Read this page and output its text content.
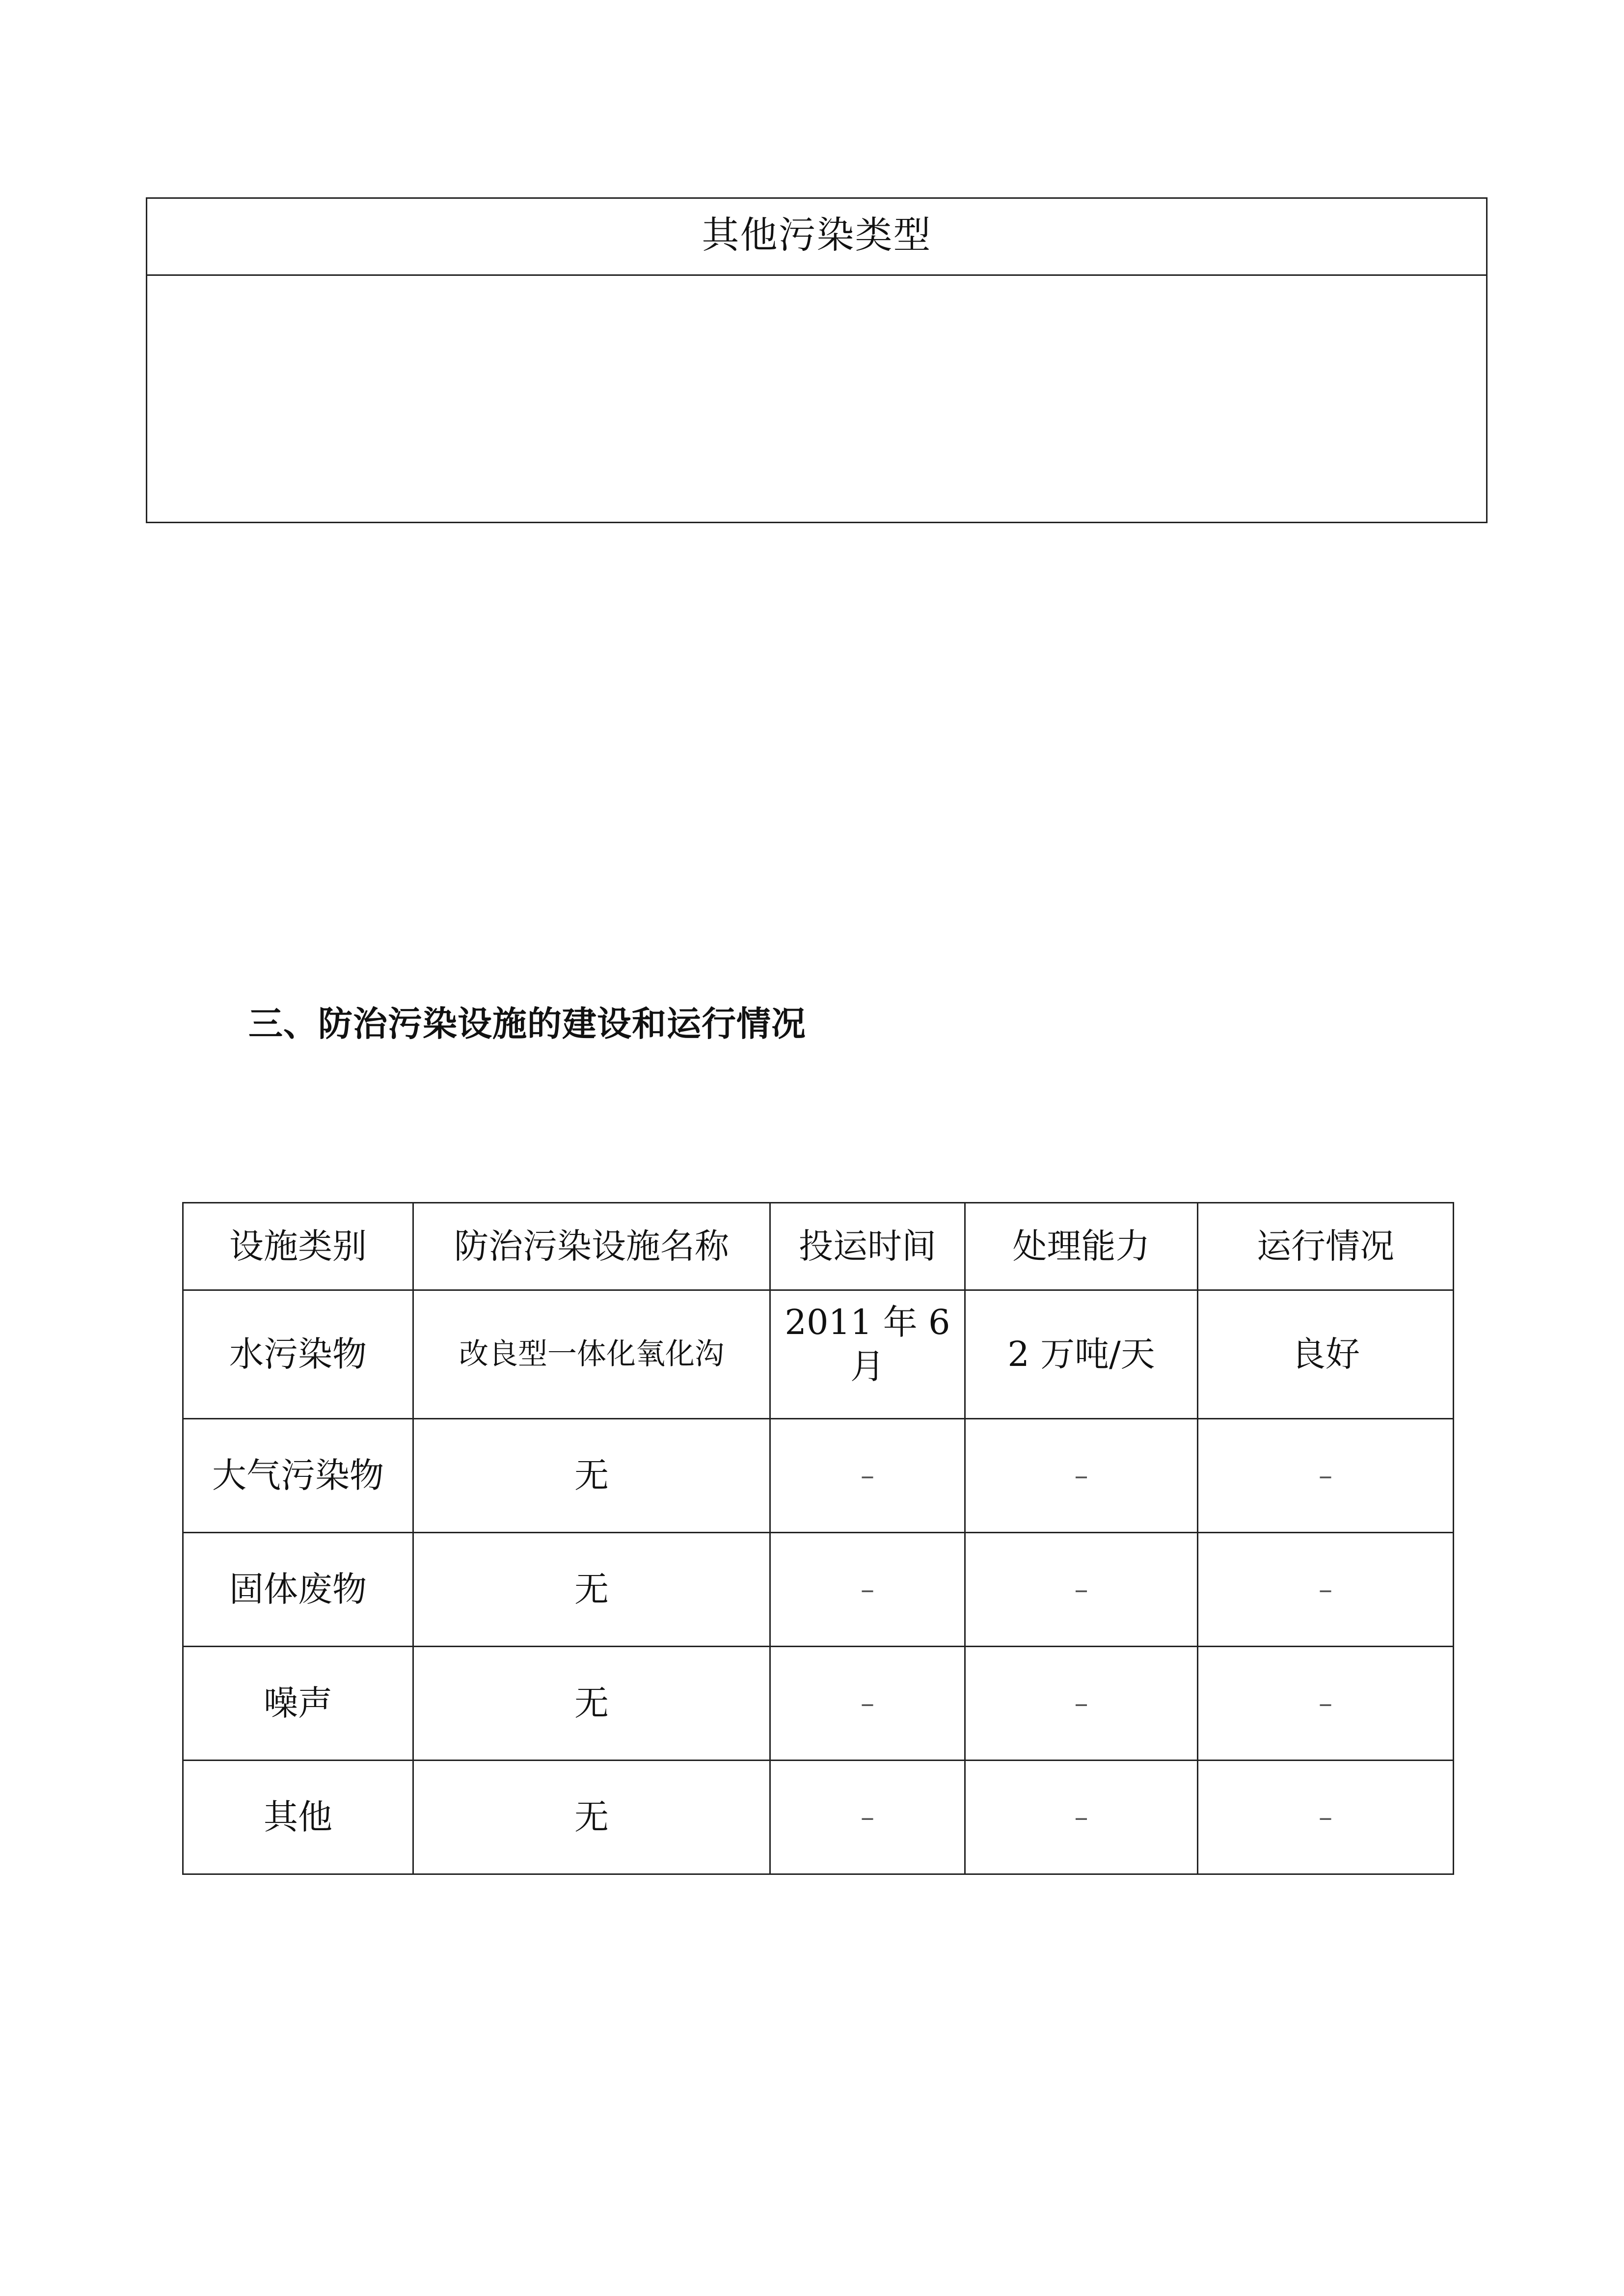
其他污染类型
三、防治污染设施的建设和运行情况
设施类别	防治污染设施名称	投运时间	处理能力	运行情况
水污染物	改良型一体化氧化沟	2011 年 6 月	2 万吨/天	良好
大气污染物	无	–	–	–
固体废物	无	–	–	–
噪声	无	–	–	–
其他	无	–	–	–
